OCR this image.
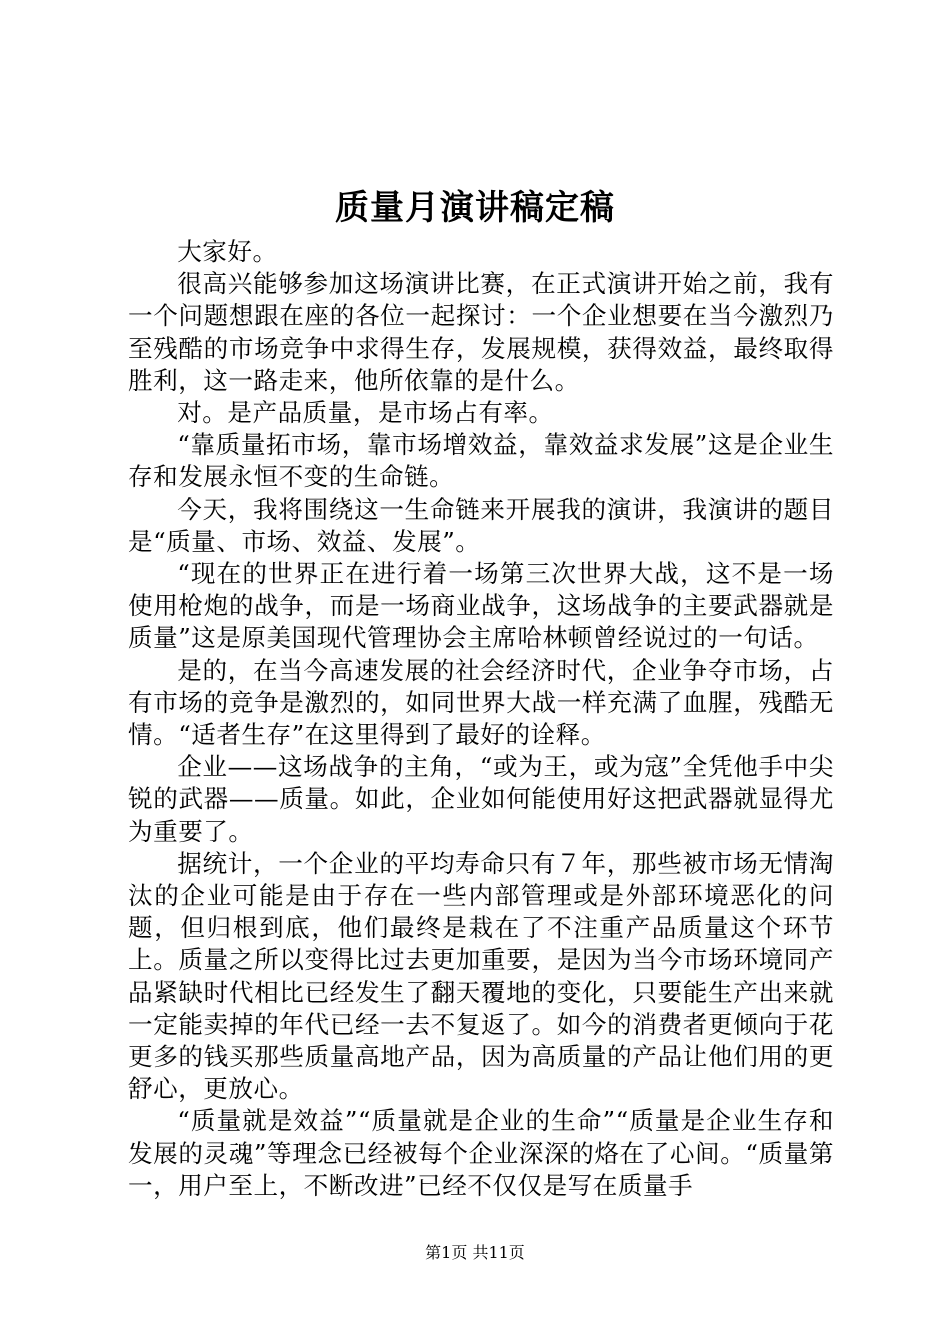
质量月演讲稿定稿

大家好。

很高兴能够参加这场演讲比赛，在正式演讲开始之前，我有一个问题想跟在座的各位一起探讨：一个企业想要在当今激烈乃至残酷的市场竞争中求得生存，发展规模，获得效益，最终取得胜利，这一路走来，他所依靠的是什么。

对。是产品质量，是市场占有率。

“靠质量拓市场，靠市场增效益，靠效益求发展”这是企业生存和发展永恒不变的生命链。

今天，我将围绕这一生命链来开展我的演讲，我演讲的题目是“质量、市场、效益、发展”。

“现在的世界正在进行着一场第三次世界大战，这不是一场使用枪炮的战争，而是一场商业战争，这场战争的主要武器就是质量”这是原美国现代管理协会主席哈林顿曾经说过的一句话。

是的，在当今高速发展的社会经济时代，企业争夺市场，占有市场的竞争是激烈的，如同世界大战一样充满了血腥，残酷无情。“适者生存”在这里得到了最好的诠释。

企业——这场战争的主角，“或为王，或为寇”全凭他手中尖锐的武器——质量。如此，企业如何能使用好这把武器就显得尤为重要了。

据统计，一个企业的平均寿命只有７年，那些被市场无情淘汰的企业可能是由于存在一些内部管理或是外部环境恶化的问题，但归根到底，他们最终是栽在了不注重产品质量这个环节上。质量之所以变得比过去更加重要，是因为当今市场环境同产品紧缺时代相比已经发生了翻天覆地的变化，只要能生产出来就一定能卖掉的年代已经一去不复返了。如今的消费者更倾向于花更多的钱买那些质量高地产品，因为高质量的产品让他们用的更舒心，更放心。

“质量就是效益”“质量就是企业的生命”“质量是企业生存和发展的灵魂”等理念已经被每个企业深深的烙在了心间。“质量第一，用户至上，不断改进”已经不仅仅是写在质量手

第1页 共11页
